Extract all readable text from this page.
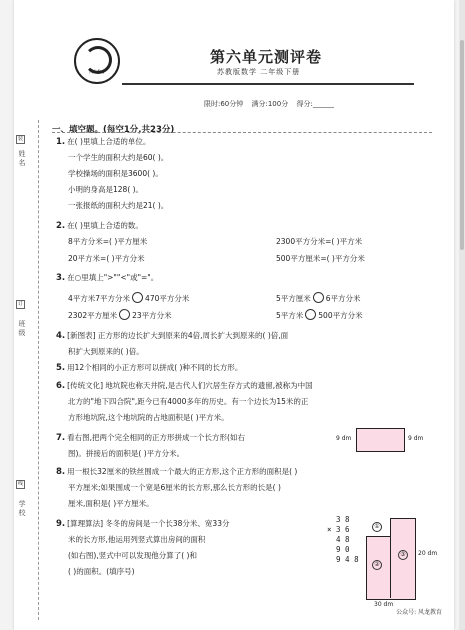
姓名
班级
学校
装
订
线
风龙教育
第六单元测评卷
苏教版数学 二年级下册
限时:60分钟 满分:100分 得分:______
一、填空题。(每空1分,共23分)
1. 在( )里填上合适的单位。
一个学生的面积大约是60( )。
学校操场的面积是3600( )。
小明的身高是128( )。
一张报纸的面积大约是21( )。
2. 在( )里填上合适的数。
8平方分米=( )平方厘米	2300平方分米=( )平方米
20平方米=( )平方分米	500平方厘米=( )平方分米
3. 在○里填上">""<"或"="。
4平方米7平方分米 470平方分米	5平方厘米 6平方分米
2302平方厘米 23平方分米	5平方米 500平方分米
4. [新图表] 正方形的边长扩大到原来的4倍,周长扩大到原来的( )倍,面
积扩大到原来的( )倍。
5. 用12个相同的小正方形可以拼成( )种不同的长方形。
6. [传统文化] 地坑院也称天井院,是古代人们穴居生存方式的遗留,被称为中国
北方的"地下四合院",距今已有4000多年的历史。有一个边长为15米的正
方形地坑院,这个地坑院的占地面积是( )平方米。
7. 看右图,把两个完全相同的正方形拼成一个长方形(如右
图)。拼接后的面积是( )平方分米。
9 dm	9 dm
8. 用一根长32厘米的铁丝围成一个最大的正方形,这个正方形的面积是( )
平方厘米;如果围成一个宽是6厘米的长方形,那么长方形的长是( )
厘米,面积是( )平方厘米。
9. [算理算法] 冬冬的房间是一个长38分米、宽33分
米的长方形,他运用列竖式算出房间的面积
(如右图),竖式中可以发现他分算了( )和
( )的面积。(填序号)
3 8
× 3 6
4 8
9 0
9 4 8
①
②
③	20 dm
30 dm
公众号: 风龙教育
